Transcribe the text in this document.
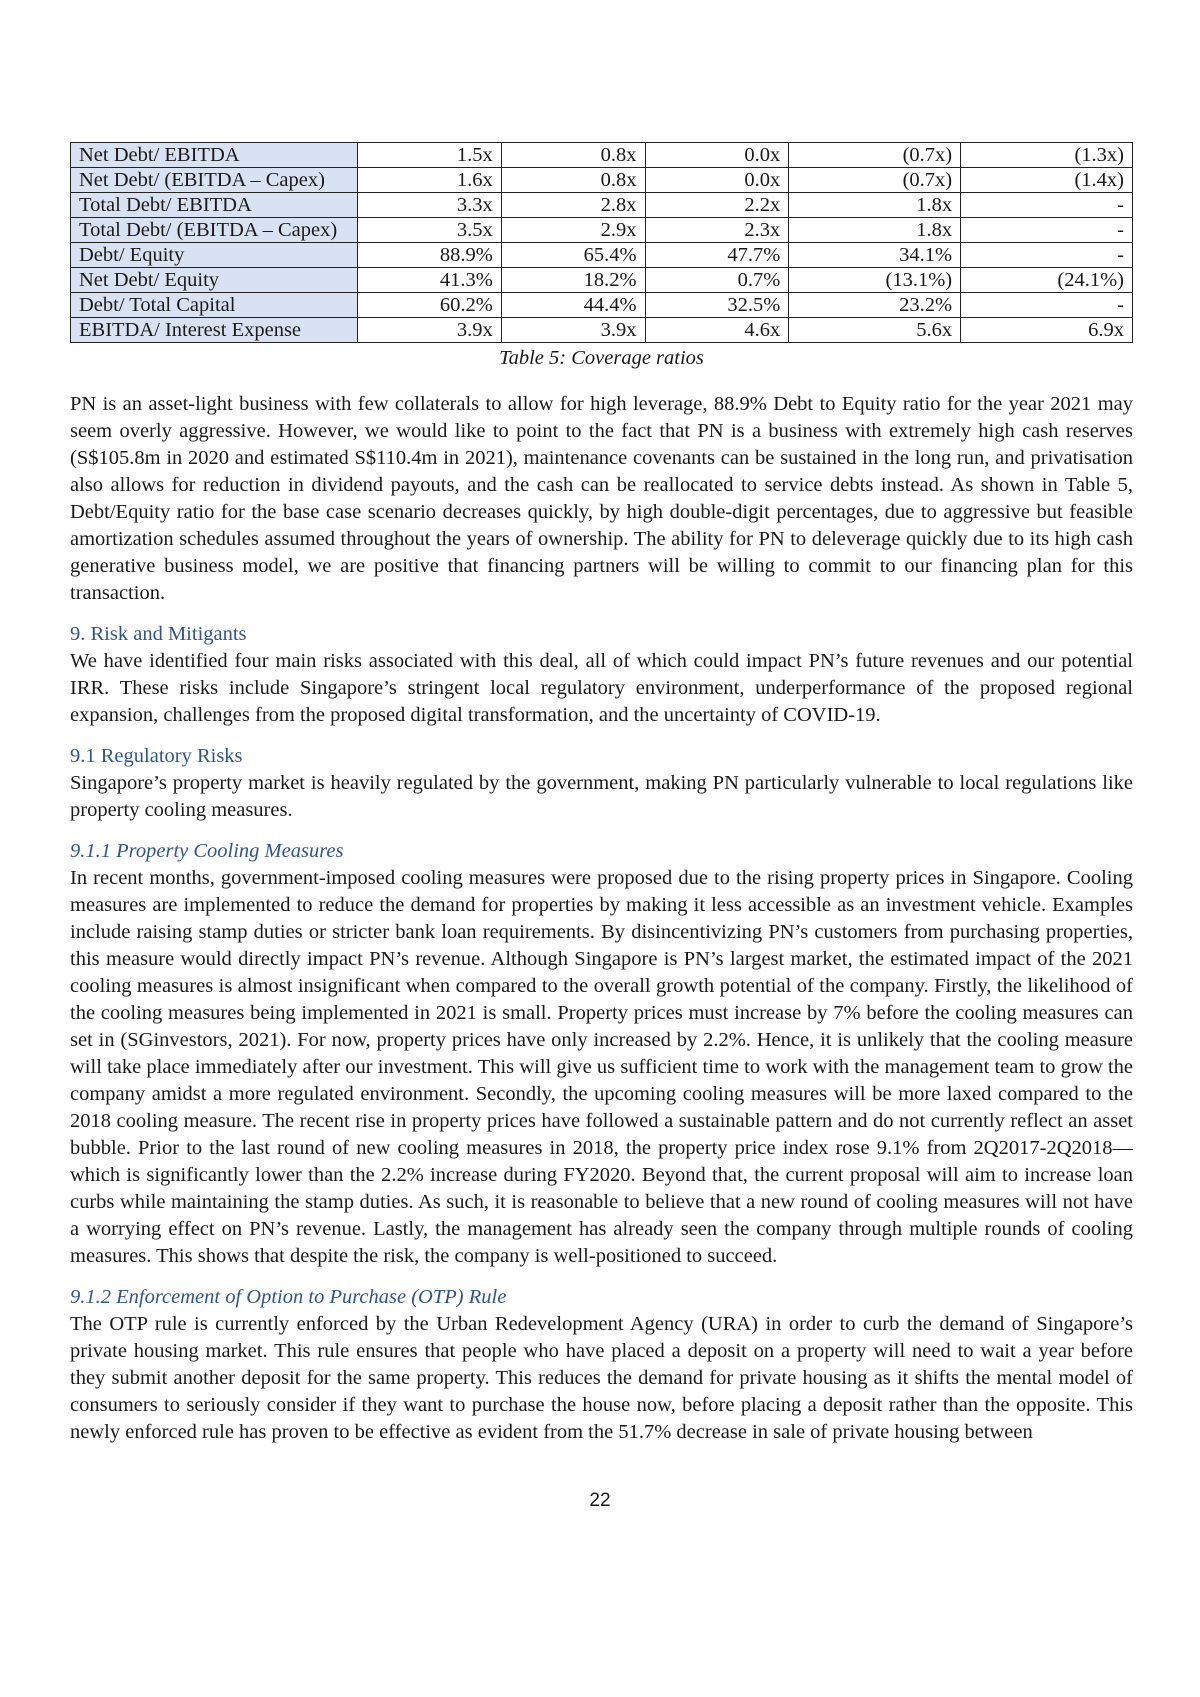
Net Debt/ EBITDA	1.5x	0.8x	0.0x	(0.7x)	(1.3x)
Net Debt/ (EBITDA – Capex)	1.6x	0.8x	0.0x	(0.7x)	(1.4x)
Total Debt/ EBITDA	3.3x	2.8x	2.2x	1.8x	-
Total Debt/ (EBITDA – Capex)	3.5x	2.9x	2.3x	1.8x	-
Debt/ Equity	88.9%	65.4%	47.7%	34.1%	-
Net Debt/ Equity	41.3%	18.2%	0.7%	(13.1%)	(24.1%)
Debt/ Total Capital	60.2%	44.4%	32.5%	23.2%	-
EBITDA/ Interest Expense	3.9x	3.9x	4.6x	5.6x	6.9x
Table 5: Coverage ratios

PN is an asset-light business with few collaterals to allow for high leverage, 88.9% Debt to Equity ratio for the year 2021 may seem overly aggressive. However, we would like to point to the fact that PN is a business with extremely high cash reserves (S$105.8m in 2020 and estimated S$110.4m in 2021), maintenance covenants can be sustained in the long run, and privatisation also allows for reduction in dividend payouts, and the cash can be reallocated to service debts instead. As shown in Table 5, Debt/Equity ratio for the base case scenario decreases quickly, by high double-digit percentages, due to aggressive but feasible amortization schedules assumed throughout the years of ownership. The ability for PN to deleverage quickly due to its high cash generative business model, we are positive that financing partners will be willing to commit to our financing plan for this transaction.

9. Risk and Mitigants

We have identified four main risks associated with this deal, all of which could impact PN’s future revenues and our potential IRR. These risks include Singapore’s stringent local regulatory environment, underperformance of the proposed regional expansion, challenges from the proposed digital transformation, and the uncertainty of COVID-19.

9.1 Regulatory Risks

Singapore’s property market is heavily regulated by the government, making PN particularly vulnerable to local regulations like property cooling measures.

9.1.1 Property Cooling Measures

In recent months, government-imposed cooling measures were proposed due to the rising property prices in Singapore. Cooling measures are implemented to reduce the demand for properties by making it less accessible as an investment vehicle. Examples include raising stamp duties or stricter bank loan requirements. By disincentivizing PN’s customers from purchasing properties, this measure would directly impact PN’s revenue. Although Singapore is PN’s largest market, the estimated impact of the 2021 cooling measures is almost insignificant when compared to the overall growth potential of the company. Firstly, the likelihood of the cooling measures being implemented in 2021 is small. Property prices must increase by 7% before the cooling measures can set in (SGinvestors, 2021). For now, property prices have only increased by 2.2%. Hence, it is unlikely that the cooling measure will take place immediately after our investment. This will give us sufficient time to work with the management team to grow the company amidst a more regulated environment. Secondly, the upcoming cooling measures will be more laxed compared to the 2018 cooling measure. The recent rise in property prices have followed a sustainable pattern and do not currently reflect an asset bubble. Prior to the last round of new cooling measures in 2018, the property price index rose 9.1% from 2Q2017-2Q2018—which is significantly lower than the 2.2% increase during FY2020. Beyond that, the current proposal will aim to increase loan curbs while maintaining the stamp duties. As such, it is reasonable to believe that a new round of cooling measures will not have a worrying effect on PN’s revenue. Lastly, the management has already seen the company through multiple rounds of cooling measures. This shows that despite the risk, the company is well-positioned to succeed.

9.1.2 Enforcement of Option to Purchase (OTP) Rule

The OTP rule is currently enforced by the Urban Redevelopment Agency (URA) in order to curb the demand of Singapore’s private housing market. This rule ensures that people who have placed a deposit on a property will need to wait a year before they submit another deposit for the same property. This reduces the demand for private housing as it shifts the mental model of consumers to seriously consider if they want to purchase the house now, before placing a deposit rather than the opposite. This newly enforced rule has proven to be effective as evident from the 51.7% decrease in sale of private housing between

22
